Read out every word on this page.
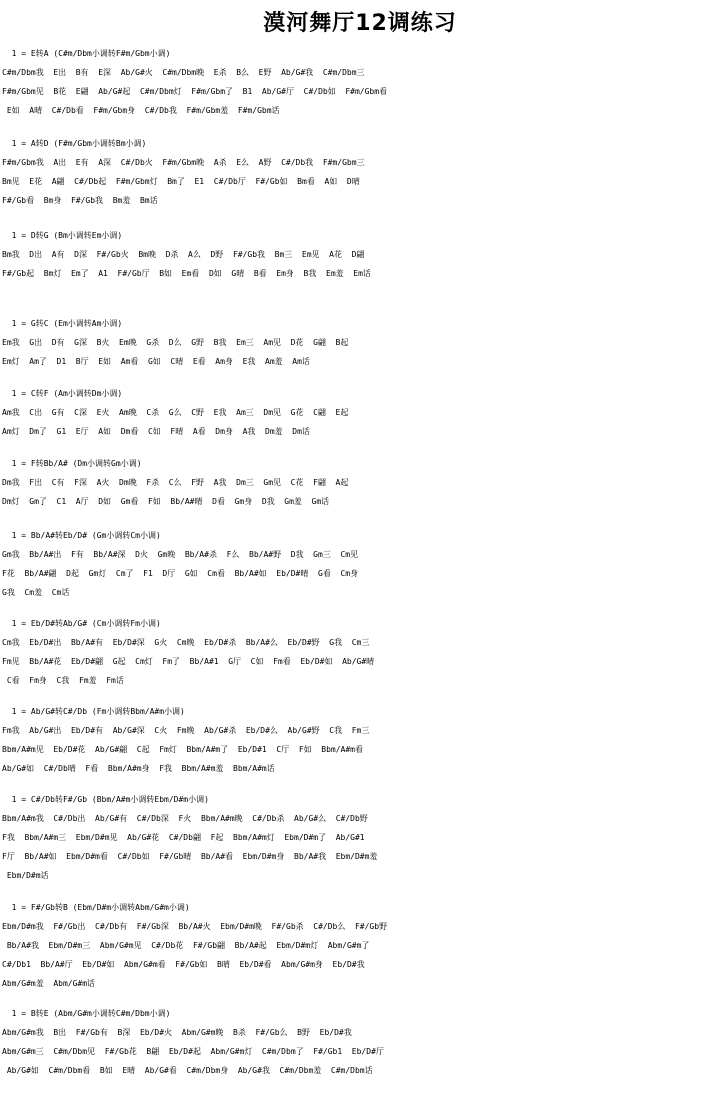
漠河舞厅12调练习
1 = E转A (C#m/Dbm小调转F#m/Gbm小调)
C#m/Dbm我  E出  B有  E深  Ab/G#火  C#m/Dbm晚  E杀  B么  E野  Ab/G#我  C#m/Dbm三
F#m/Gbm见  B花  E翩  Ab/G#起  C#m/Dbm灯  F#m/Gbm了  B1  Ab/G#厅  C#/Db如  F#m/Gbm看
E如  A晴  C#/Db看  F#m/Gbm身  C#/Db我  F#m/Gbm羞  F#m/Gbm话
1 = A转D (F#m/Gbm小调转Bm小调)
F#m/Gbm我  A出  E有  A深  C#/Db火  F#m/Gbm晚  A杀  E么  A野  C#/Db我  F#m/Gbm三
Bm见  E花  A翩  C#/Db起  F#m/Gbm灯  Bm了  E1  C#/Db厅  F#/Gb如  Bm看  A如  D晴
F#/Gb看  Bm身  F#/Gb我  Bm羞  Bm话
1 = D转G (Bm小调转Em小调)
Bm我  D出  A有  D深  F#/Gb火  Bm晚  D杀  A么  D野  F#/Gb我  Bm三  Em见  A花  D翩
F#/Gb起  Bm灯  Em了  A1  F#/Gb厅  B如  Em看  D如  G晴  B看  Em身  B我  Em羞  Em话
1 = G转C (Em小调转Am小调)
Em我  G出  D有  G深  B火  Em晚  G杀  D么  G野  B我  Em三  Am见  D花  G翩  B起
Em灯  Am了  D1  B厅  E如  Am看  G如  C晴  E看  Am身  E我  Am羞  Am话
1 = C转F (Am小调转Dm小调)
Am我  C出  G有  C深  E火  Am晚  C杀  G么  C野  E我  Am三  Dm见  G花  C翩  E起
Am灯  Dm了  G1  E厅  A如  Dm看  C如  F晴  A看  Dm身  A我  Dm羞  Dm话
1 = F转Bb/A# (Dm小调转Gm小调)
Dm我  F出  C有  F深  A火  Dm晚  F杀  C么  F野  A我  Dm三  Gm见  C花  F翩  A起
Dm灯  Gm了  C1  A厅  D如  Gm看  F如  Bb/A#晴  D看  Gm身  D我  Gm羞  Gm话
1 = Bb/A#转Eb/D# (Gm小调转Cm小调)
Gm我  Bb/A#出  F有  Bb/A#深  D火  Gm晚  Bb/A#杀  F么  Bb/A#野  D我  Gm三  Cm见
F花  Bb/A#翩  D起  Gm灯  Cm了  F1  D厅  G如  Cm看  Bb/A#如  Eb/D#晴  G看  Cm身
G我  Cm羞  Cm话
1 = Eb/D#转Ab/G# (Cm小调转Fm小调)
Cm我  Eb/D#出  Bb/A#有  Eb/D#深  G火  Cm晚  Eb/D#杀  Bb/A#么  Eb/D#野  G我  Cm三
Fm见  Bb/A#花  Eb/D#翩  G起  Cm灯  Fm了  Bb/A#1  G厅  C如  Fm看  Eb/D#如  Ab/G#晴
C看  Fm身  C我  Fm羞  Fm话
1 = Ab/G#转C#/Db (Fm小调转Bbm/A#m小调)
Fm我  Ab/G#出  Eb/D#有  Ab/G#深  C火  Fm晚  Ab/G#杀  Eb/D#么  Ab/G#野  C我  Fm三
Bbm/A#m见  Eb/D#花  Ab/G#翩  C起  Fm灯  Bbm/A#m了  Eb/D#1  C厅  F如  Bbm/A#m看
Ab/G#如  C#/Db晴  F看  Bbm/A#m身  F我  Bbm/A#m羞  Bbm/A#m话
1 = C#/Db转F#/Gb (Bbm/A#m小调转Ebm/D#m小调)
Bbm/A#m我  C#/Db出  Ab/G#有  C#/Db深  F火  Bbm/A#m晚  C#/Db杀  Ab/G#么  C#/Db野
F我  Bbm/A#m三  Ebm/D#m见  Ab/G#花  C#/Db翩  F起  Bbm/A#m灯  Ebm/D#m了  Ab/G#1
F厅  Bb/A#如  Ebm/D#m看  C#/Db如  F#/Gb晴  Bb/A#看  Ebm/D#m身  Bb/A#我  Ebm/D#m羞
Ebm/D#m话
1 = F#/Gb转B (Ebm/D#m小调转Abm/G#m小调)
Ebm/D#m我  F#/Gb出  C#/Db有  F#/Gb深  Bb/A#火  Ebm/D#m晚  F#/Gb杀  C#/Db么  F#/Gb野
Bb/A#我  Ebm/D#m三  Abm/G#m见  C#/Db花  F#/Gb翩  Bb/A#起  Ebm/D#m灯  Abm/G#m了
C#/Db1  Bb/A#厅  Eb/D#如  Abm/G#m看  F#/Gb如  B晴  Eb/D#看  Abm/G#m身  Eb/D#我
Abm/G#m羞  Abm/G#m话
1 = B转E (Abm/G#m小调转C#m/Dbm小调)
Abm/G#m我  B出  F#/Gb有  B深  Eb/D#火  Abm/G#m晚  B杀  F#/Gb么  B野  Eb/D#我
Abm/G#m三  C#m/Dbm见  F#/Gb花  B翩  Eb/D#起  Abm/G#m灯  C#m/Dbm了  F#/Gb1  Eb/D#厅
Ab/G#如  C#m/Dbm看  B如  E晴  Ab/G#看  C#m/Dbm身  Ab/G#我  C#m/Dbm羞  C#m/Dbm话
